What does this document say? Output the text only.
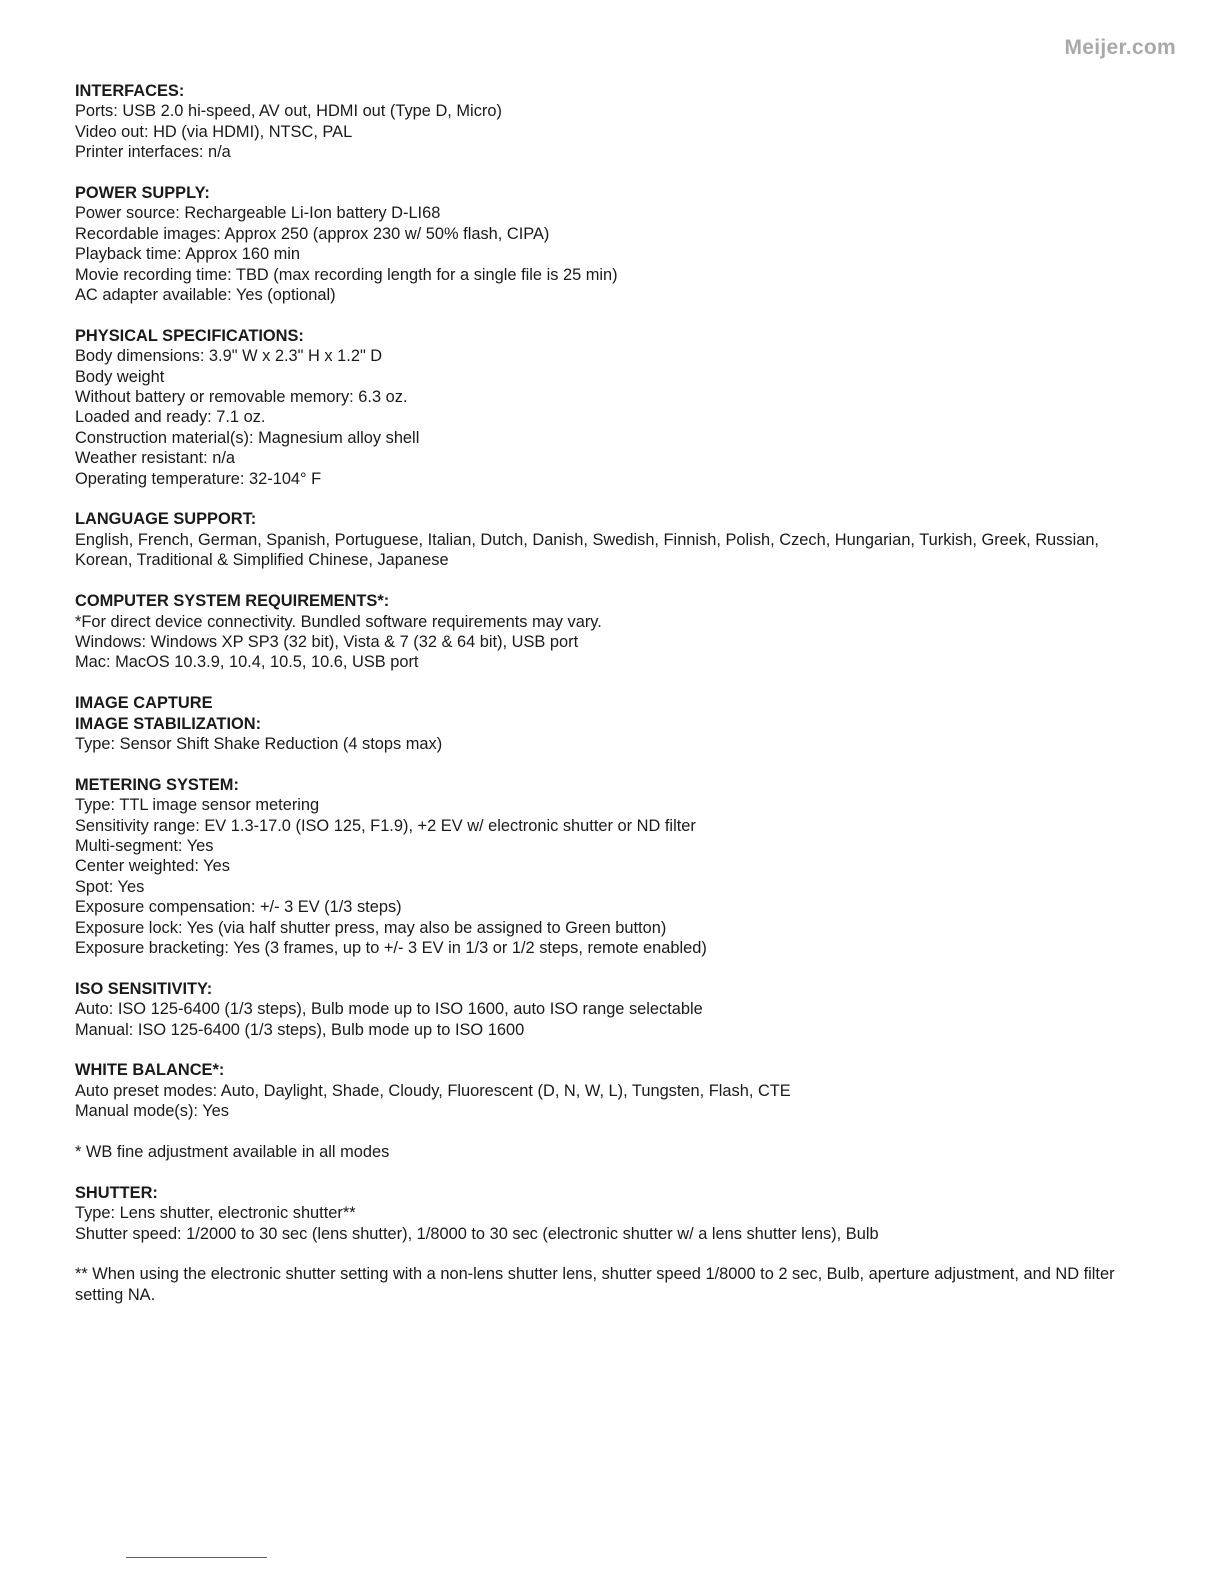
Meijer.com

INTERFACES:

Ports: USB 2.0 hi-speed, AV out, HDMI out (Type D, Micro)

Video out: HD (via HDMI), NTSC, PAL

Printer interfaces: n/a

POWER SUPPLY:

Power source: Rechargeable Li-Ion battery D-LI68

Recordable images: Approx 250 (approx 230 w/ 50% flash, CIPA)

Playback time: Approx 160 min

Movie recording time: TBD (max recording length for a single file is 25 min)

AC adapter available: Yes (optional)

PHYSICAL SPECIFICATIONS:

Body dimensions: 3.9" W x 2.3" H x 1.2" D

Body weight

Without battery or removable memory: 6.3 oz.

Loaded and ready: 7.1 oz.

Construction material(s): Magnesium alloy shell

Weather resistant: n/a

Operating temperature: 32-104° F

LANGUAGE SUPPORT:

English, French, German, Spanish, Portuguese, Italian, Dutch, Danish, Swedish, Finnish, Polish, Czech, Hungarian, Turkish, Greek, Russian, Korean, Traditional & Simplified Chinese, Japanese

COMPUTER SYSTEM REQUIREMENTS*:

*For direct device connectivity. Bundled software requirements may vary.

Windows: Windows XP SP3 (32 bit), Vista & 7 (32 & 64 bit), USB port

Mac: MacOS 10.3.9, 10.4, 10.5, 10.6, USB port

IMAGE CAPTURE

IMAGE STABILIZATION:

Type: Sensor Shift Shake Reduction (4 stops max)

METERING SYSTEM:

Type: TTL image sensor metering

Sensitivity range: EV 1.3-17.0 (ISO 125, F1.9), +2 EV w/ electronic shutter or ND filter

Multi-segment: Yes

Center weighted: Yes

Spot: Yes

Exposure compensation: +/- 3 EV (1/3 steps)

Exposure lock: Yes (via half shutter press, may also be assigned to Green button)

Exposure bracketing: Yes (3 frames, up to +/- 3 EV in 1/3 or 1/2 steps, remote enabled)

ISO SENSITIVITY:

Auto: ISO 125-6400 (1/3 steps), Bulb mode up to ISO 1600, auto ISO range selectable

Manual: ISO 125-6400 (1/3 steps), Bulb mode up to ISO 1600

WHITE BALANCE*:

Auto preset modes: Auto, Daylight, Shade, Cloudy, Fluorescent (D, N, W, L), Tungsten, Flash, CTE

Manual mode(s): Yes

* WB fine adjustment available in all modes

SHUTTER:

Type: Lens shutter, electronic shutter**

Shutter speed: 1/2000 to 30 sec (lens shutter), 1/8000 to 30 sec (electronic shutter w/ a lens shutter lens), Bulb

** When using the electronic shutter setting with a non-lens shutter lens, shutter speed 1/8000 to 2 sec, Bulb, aperture adjustment, and ND filter setting NA.
